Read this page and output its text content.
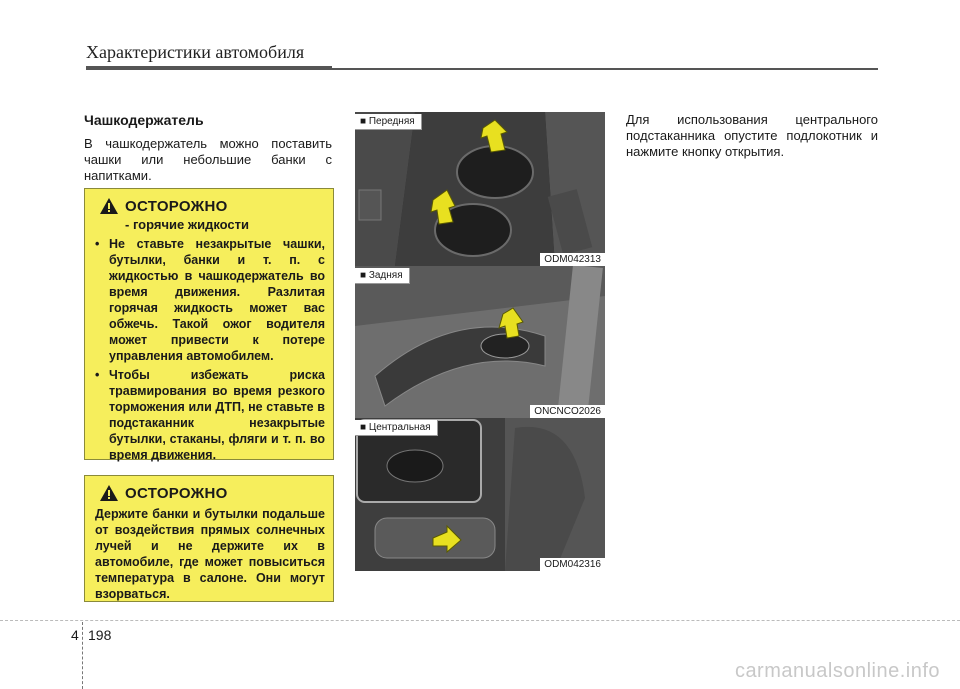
Характеристики автомобиля
Чашкодержатель
В чашкодержатель можно поставить чашки или небольшие банки с напитками.
ОСТОРОЖНО
- горячие жидкости
• Не ставьте незакрытые чашки, бутылки, банки и т. п. с жидкостью в чашкодержатель во время движения. Разлитая горячая жидкость может вас обжечь. Такой ожог водителя может привести к потере управления автомобилем.
• Чтобы избежать риска травмирования во время резкого торможения или ДТП, не ставьте в подстаканник незакрытые бутылки, стаканы, фляги и т. п. во время движения.
ОСТОРОЖНО
Держите банки и бутылки подальше от воздействия прямых солнечных лучей и не держите их в автомобиле, где может повыситься температура в салоне. Они могут взорваться.
■ Передняя
ODM042313
■ Задняя
ONCNCO2026
■ Центральная
ODM042316
Для использования центрального подстаканника опустите подлокотник и нажмите кнопку открытия.
4 198
carmanualsonline.info
